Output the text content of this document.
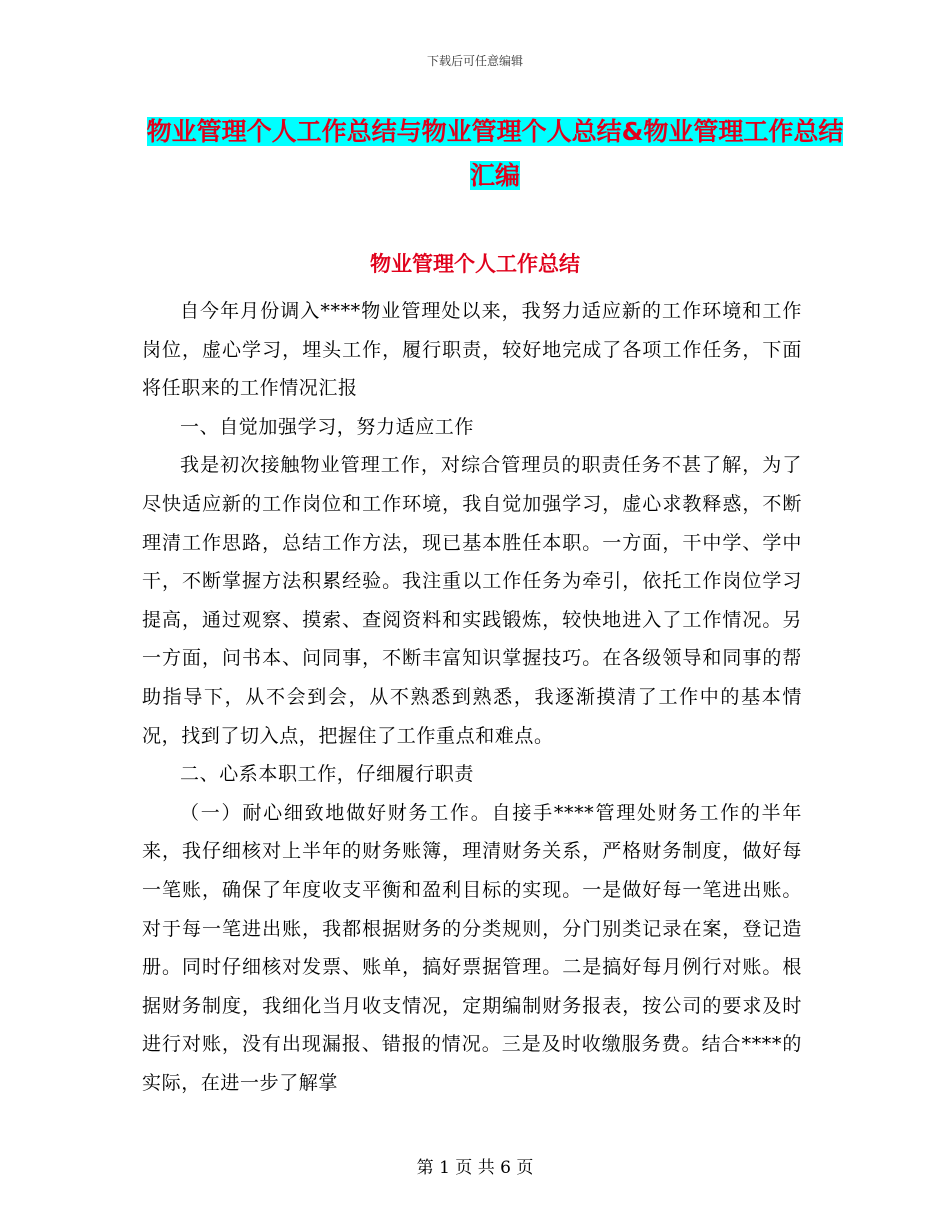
下载后可任意编辑
物业管理个人工作总结与物业管理个人总结&物业管理工作总结汇编
物业管理个人工作总结

自今年月份调入****物业管理处以来，我努力适应新的工作环境和工作岗位，虚心学习，埋头工作，履行职责，较好地完成了各项工作任务，下面将任职来的工作情况汇报

一、自觉加强学习，努力适应工作

我是初次接触物业管理工作，对综合管理员的职责任务不甚了解，为了尽快适应新的工作岗位和工作环境，我自觉加强学习，虚心求教释惑，不断理清工作思路，总结工作方法，现已基本胜任本职。一方面，干中学、学中干，不断掌握方法积累经验。我注重以工作任务为牵引，依托工作岗位学习提高，通过观察、摸索、查阅资料和实践锻炼，较快地进入了工作情况。另一方面，问书本、问同事，不断丰富知识掌握技巧。在各级领导和同事的帮助指导下，从不会到会，从不熟悉到熟悉，我逐渐摸清了工作中的基本情况，找到了切入点，把握住了工作重点和难点。

二、心系本职工作，仔细履行职责

（一）耐心细致地做好财务工作。自接手****管理处财务工作的半年来，我仔细核对上半年的财务账簿，理清财务关系，严格财务制度，做好每一笔账，确保了年度收支平衡和盈利目标的实现。一是做好每一笔进出账。对于每一笔进出账，我都根据财务的分类规则，分门别类记录在案，登记造册。同时仔细核对发票、账单，搞好票据管理。二是搞好每月例行对账。根据财务制度，我细化当月收支情况，定期编制财务报表，按公司的要求及时进行对账，没有出现漏报、错报的情况。三是及时收缴服务费。结合****的实际，在进一步了解掌

第 1 页 共 6 页
